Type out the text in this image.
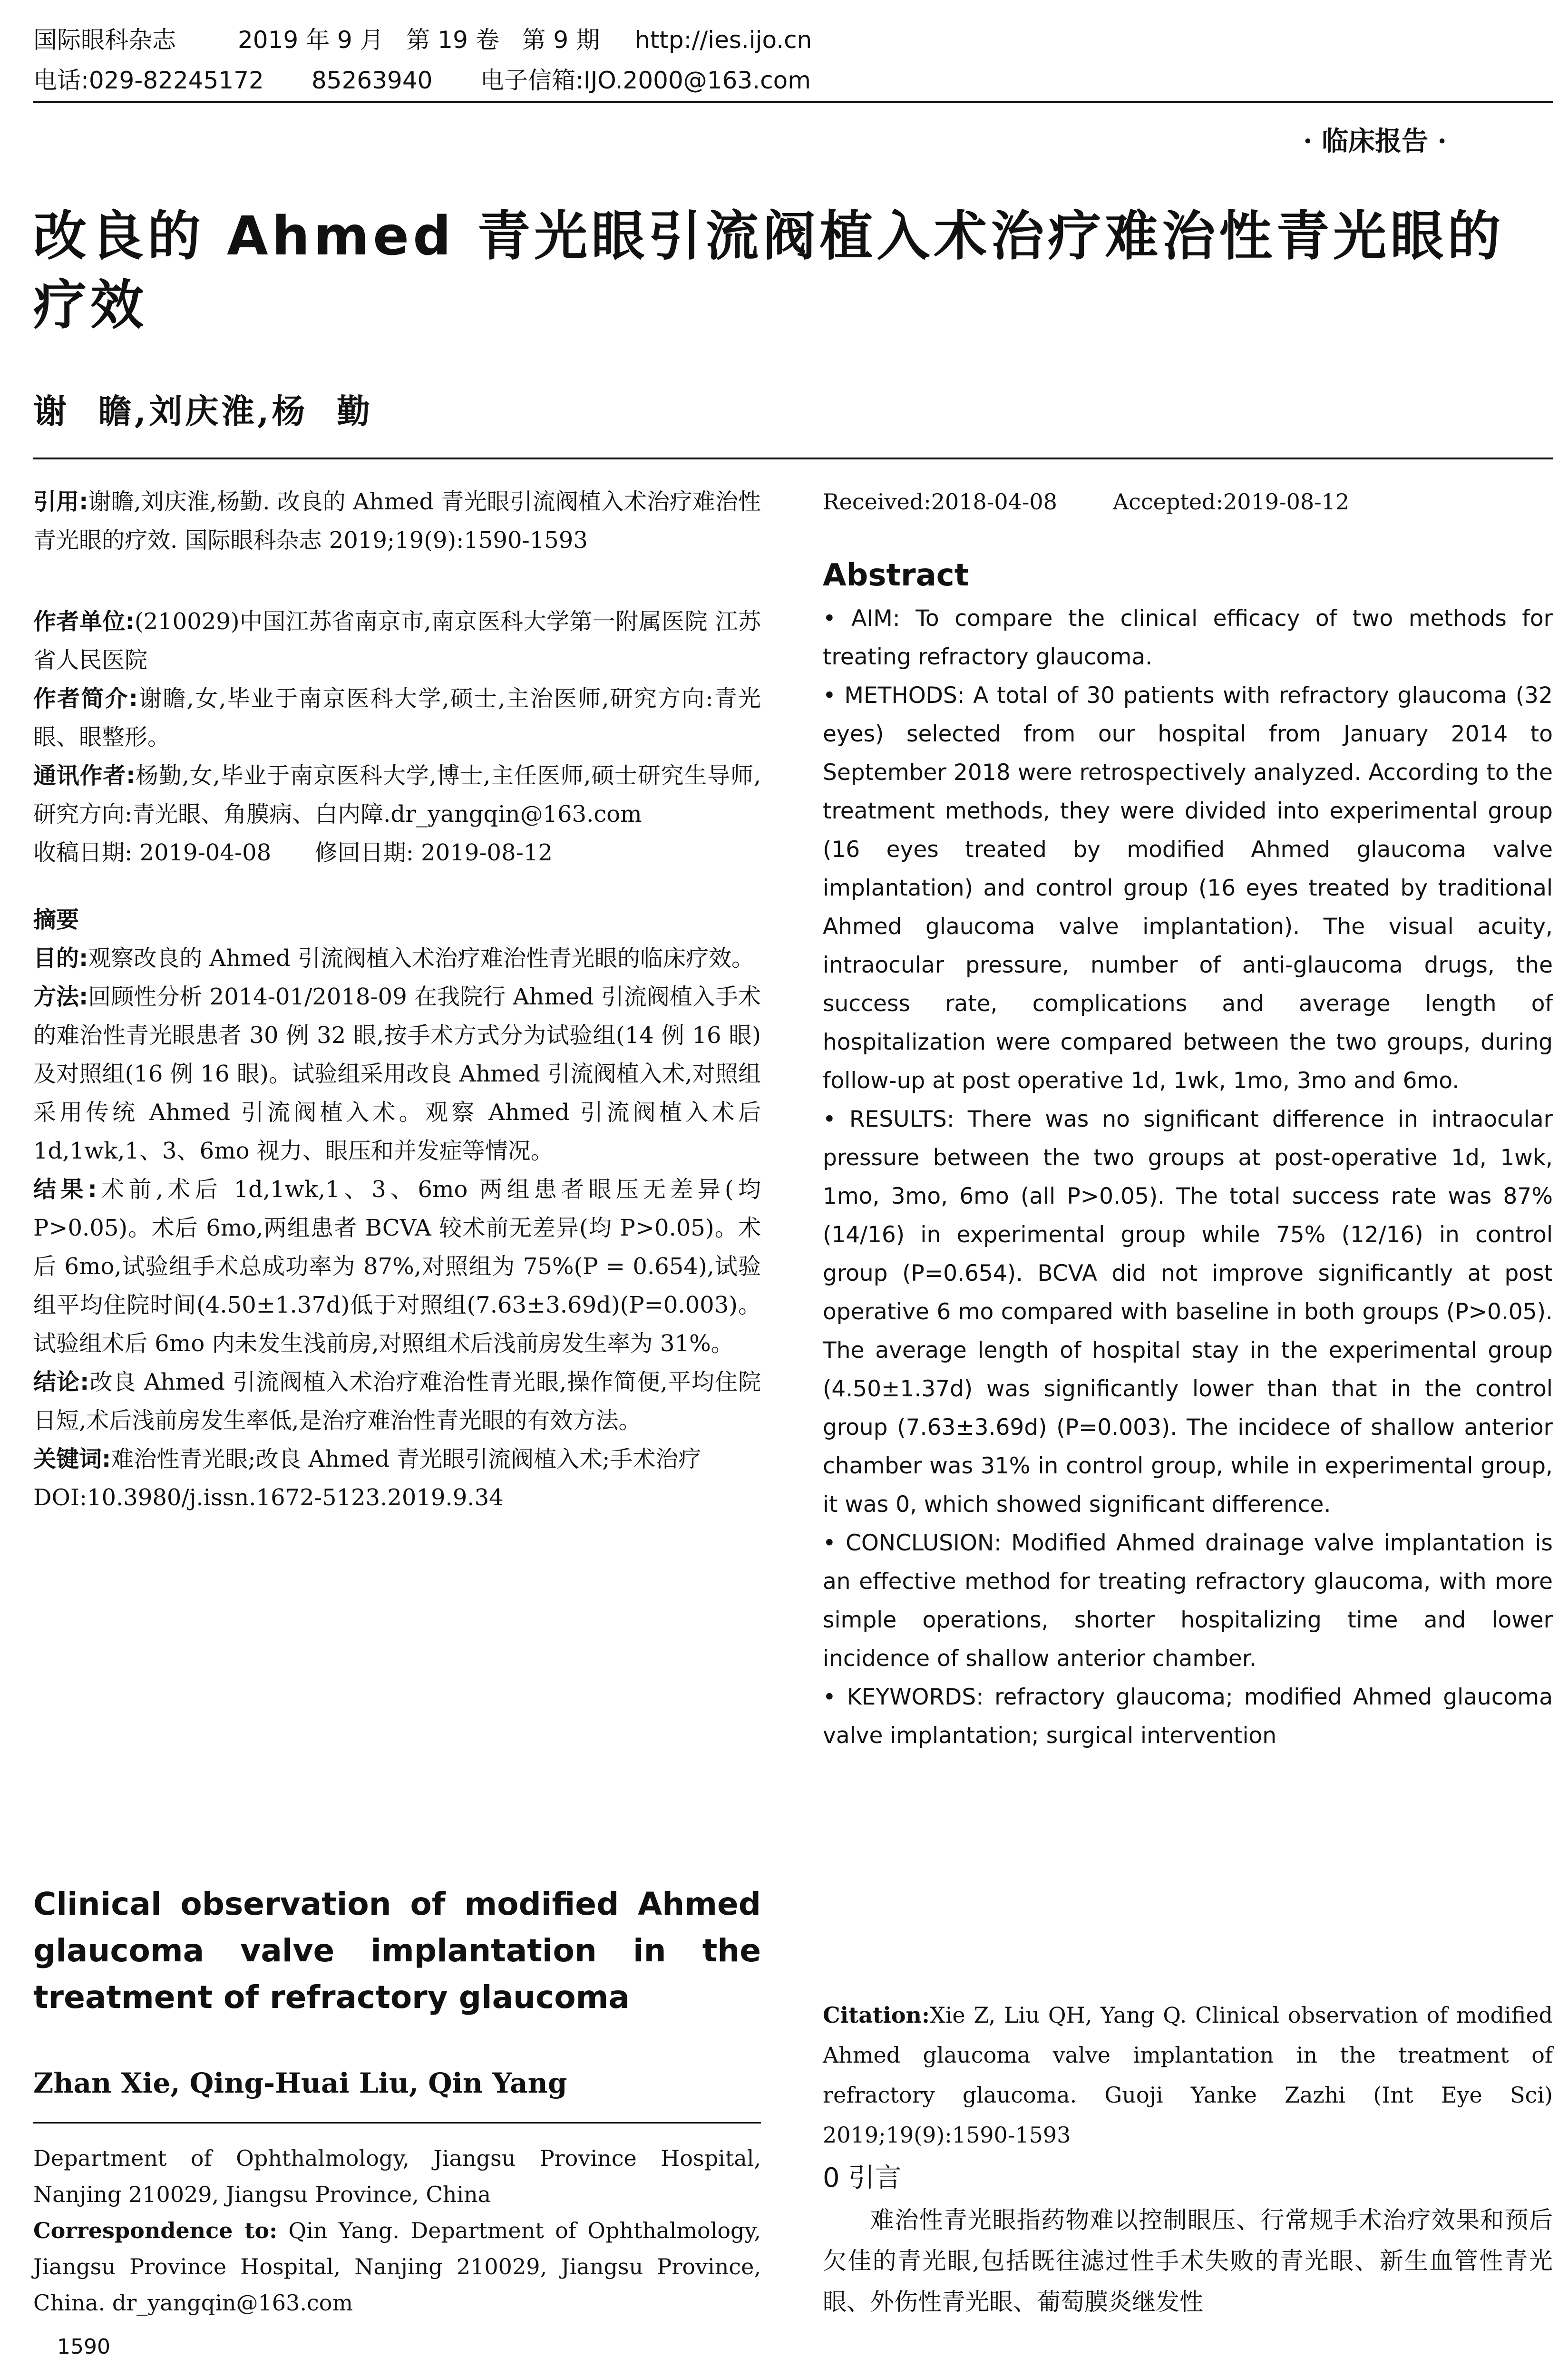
国际眼科杂志	2019 年 9 月   第 19 卷   第 9 期 http://ies.ijo.cn
电话:029-82245172 85263940 电子信箱:IJO.2000@163.com
· 临床报告 ·
改良的 Ahmed 青光眼引流阀植入术治疗难治性青光眼的疗效
谢  瞻,刘庆淮,杨  勤

引用:谢瞻,刘庆淮,杨勤. 改良的 Ahmed 青光眼引流阀植入术治疗难治性青光眼的疗效. 国际眼科杂志 2019;19(9):1590-1593

作者单位:(210029)中国江苏省南京市,南京医科大学第一附属医院 江苏省人民医院

作者简介:谢瞻,女,毕业于南京医科大学,硕士,主治医师,研究方向:青光眼、眼整形。

通讯作者:杨勤,女,毕业于南京医科大学,博士,主任医师,硕士研究生导师,研究方向:青光眼、角膜病、白内障.dr_yangqin@163.com

收稿日期: 2019-04-08 修回日期: 2019-08-12

摘要

目的:观察改良的 Ahmed 引流阀植入术治疗难治性青光眼的临床疗效。

方法:回顾性分析 2014-01/2018-09 在我院行 Ahmed 引流阀植入手术的难治性青光眼患者 30 例 32 眼,按手术方式分为试验组(14 例 16 眼)及对照组(16 例 16 眼)。试验组采用改良 Ahmed 引流阀植入术,对照组采用传统 Ahmed 引流阀植入术。观察 Ahmed 引流阀植入术后 1d,1wk,1、3、6mo 视力、眼压和并发症等情况。

结果:术前,术后 1d,1wk,1、3、6mo 两组患者眼压无差异(均 P>0.05)。术后 6mo,两组患者 BCVA 较术前无差异(均 P>0.05)。术后 6mo,试验组手术总成功率为 87%,对照组为 75%(P = 0.654),试验组平均住院时间(4.50±1.37d)低于对照组(7.63±3.69d)(P=0.003)。试验组术后 6mo 内未发生浅前房,对照组术后浅前房发生率为 31%。

结论:改良 Ahmed 引流阀植入术治疗难治性青光眼,操作简便,平均住院日短,术后浅前房发生率低,是治疗难治性青光眼的有效方法。

关键词:难治性青光眼;改良 Ahmed 青光眼引流阀植入术;手术治疗

DOI:10.3980/j.issn.1672-5123.2019.9.34

Clinical observation of modified Ahmed glaucoma valve implantation in the treatment of refractory glaucoma
Zhan Xie, Qing-Huai Liu, Qin Yang

Department of Ophthalmology, Jiangsu Province Hospital, Nanjing 210029, Jiangsu Province, China

Correspondence to: Qin Yang. Department of Ophthalmology, Jiangsu Province Hospital, Nanjing 210029, Jiangsu Province, China. dr_yangqin@163.com

1590
Received:2018-04-08	Accepted:2019-08-12

Abstract

• AIM: To compare the clinical efficacy of two methods for treating refractory glaucoma.

• METHODS: A total of 30 patients with refractory glaucoma (32 eyes) selected from our hospital from January 2014 to September 2018 were retrospectively analyzed. According to the treatment methods, they were divided into experimental group (16 eyes treated by modified Ahmed glaucoma valve implantation) and control group (16 eyes treated by traditional Ahmed glaucoma valve implantation). The visual acuity, intraocular pressure, number of anti-glaucoma drugs, the success rate, complications and average length of hospitalization were compared between the two groups, during follow-up at post operative 1d, 1wk, 1mo, 3mo and 6mo.

• RESULTS: There was no significant difference in intraocular pressure between the two groups at post-operative 1d, 1wk, 1mo, 3mo, 6mo (all P>0.05). The total success rate was 87% (14/16) in experimental group while 75% (12/16) in control group (P=0.654). BCVA did not improve significantly at post operative 6 mo compared with baseline in both groups (P>0.05). The average length of hospital stay in the experimental group (4.50±1.37d) was significantly lower than that in the control group (7.63±3.69d) (P=0.003). The incidece of shallow anterior chamber was 31% in control group, while in experimental group, it was 0, which showed significant difference.

• CONCLUSION: Modified Ahmed drainage valve implantation is an effective method for treating refractory glaucoma, with more simple operations, shorter hospitalizing time and lower incidence of shallow anterior chamber.

• KEYWORDS: refractory glaucoma; modified Ahmed glaucoma valve implantation; surgical intervention

Citation:Xie Z, Liu QH, Yang Q. Clinical observation of modified Ahmed glaucoma valve implantation in the treatment of refractory glaucoma. Guoji Yanke Zazhi (Int Eye Sci) 2019;19(9):1590-1593
0 引言
难治性青光眼指药物难以控制眼压、行常规手术治疗效果和预后欠佳的青光眼,包括既往滤过性手术失败的青光眼、新生血管性青光眼、外伤性青光眼、葡萄膜炎继发性
